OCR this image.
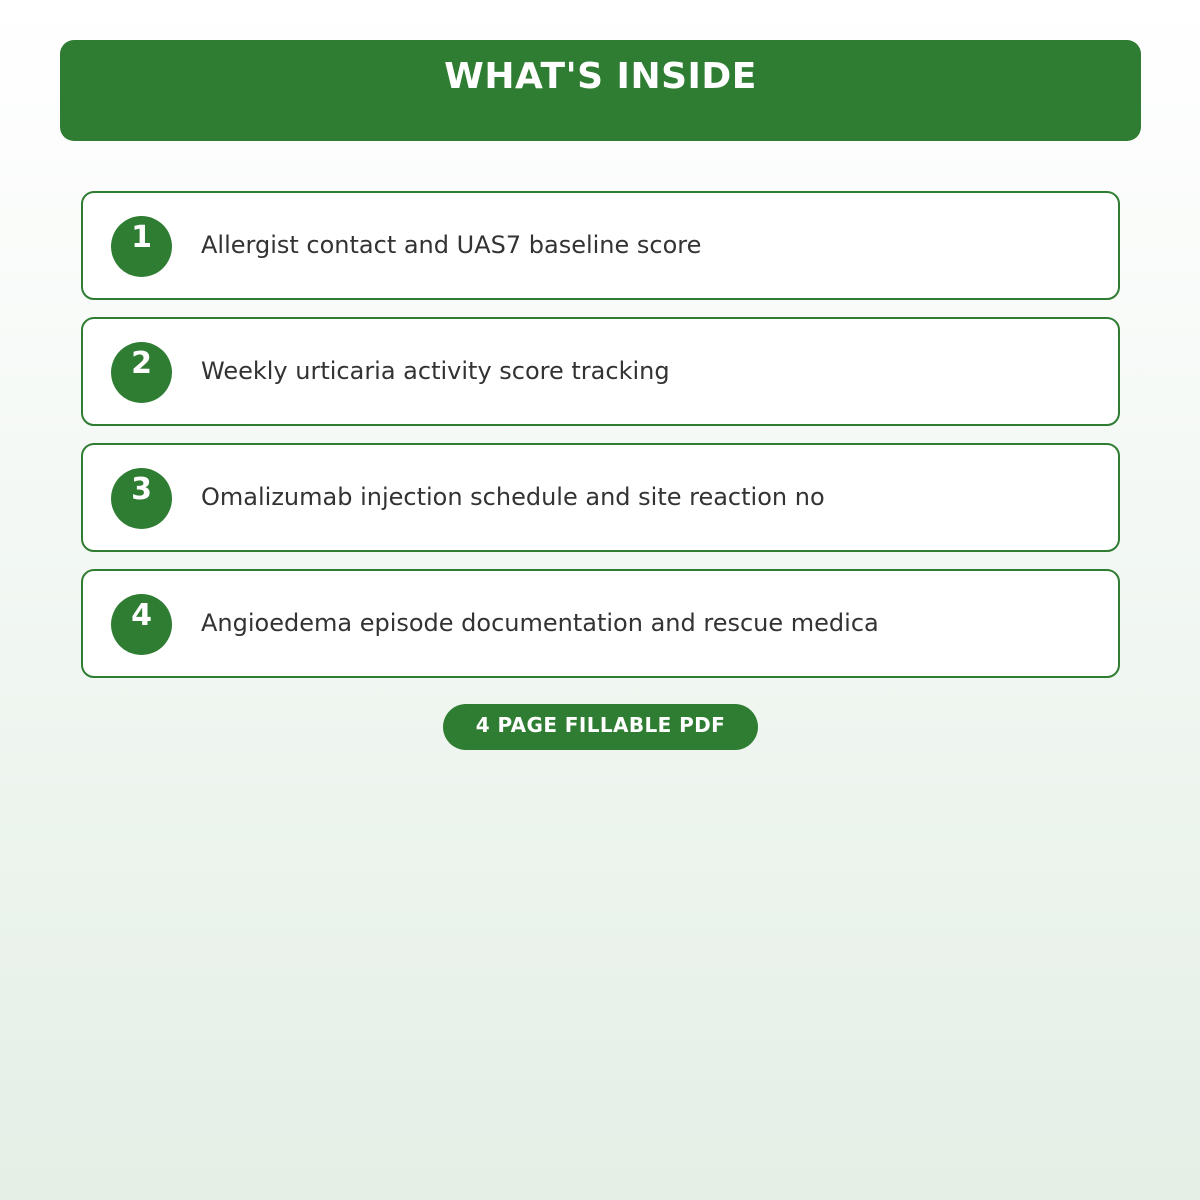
WHAT'S INSIDE
1	Allergist contact and UAS7 baseline score
2	Weekly urticaria activity score tracking
3	Omalizumab injection schedule and site reaction no
4	Angioedema episode documentation and rescue medica
4 PAGE FILLABLE PDF
